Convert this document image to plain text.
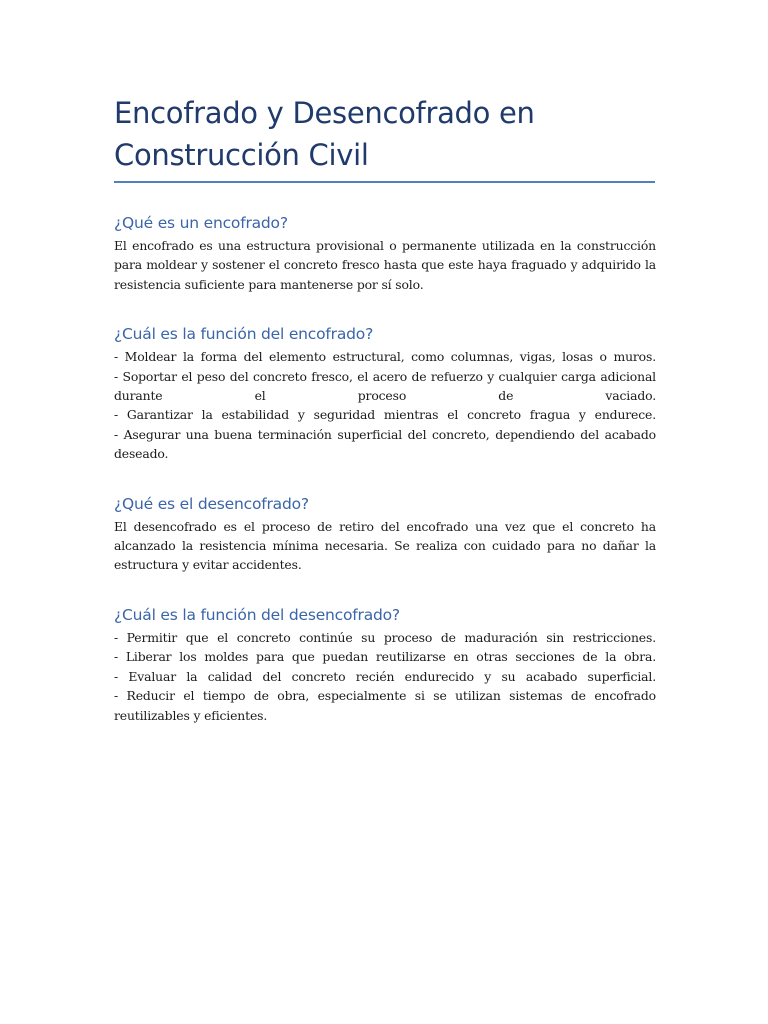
Encofrado y Desencofrado en Construcción Civil
¿Qué es un encofrado?

El encofrado es una estructura provisional o permanente utilizada en la construcción para moldear y sostener el concreto fresco hasta que este haya fraguado y adquirido la resistencia suficiente para mantenerse por sí solo.

¿Cuál es la función del encofrado?

- Moldear la forma del elemento estructural, como columnas, vigas, losas o muros.

- Soportar el peso del concreto fresco, el acero de refuerzo y cualquier carga adicional durante el proceso de vaciado.

- Garantizar la estabilidad y seguridad mientras el concreto fragua y endurece.

- Asegurar una buena terminación superficial del concreto, dependiendo del acabado deseado.

¿Qué es el desencofrado?

El desencofrado es el proceso de retiro del encofrado una vez que el concreto ha alcanzado la resistencia mínima necesaria. Se realiza con cuidado para no dañar la estructura y evitar accidentes.

¿Cuál es la función del desencofrado?

- Permitir que el concreto continúe su proceso de maduración sin restricciones.

- Liberar los moldes para que puedan reutilizarse en otras secciones de la obra.

- Evaluar la calidad del concreto recién endurecido y su acabado superficial.

- Reducir el tiempo de obra, especialmente si se utilizan sistemas de encofrado reutilizables y eficientes.
